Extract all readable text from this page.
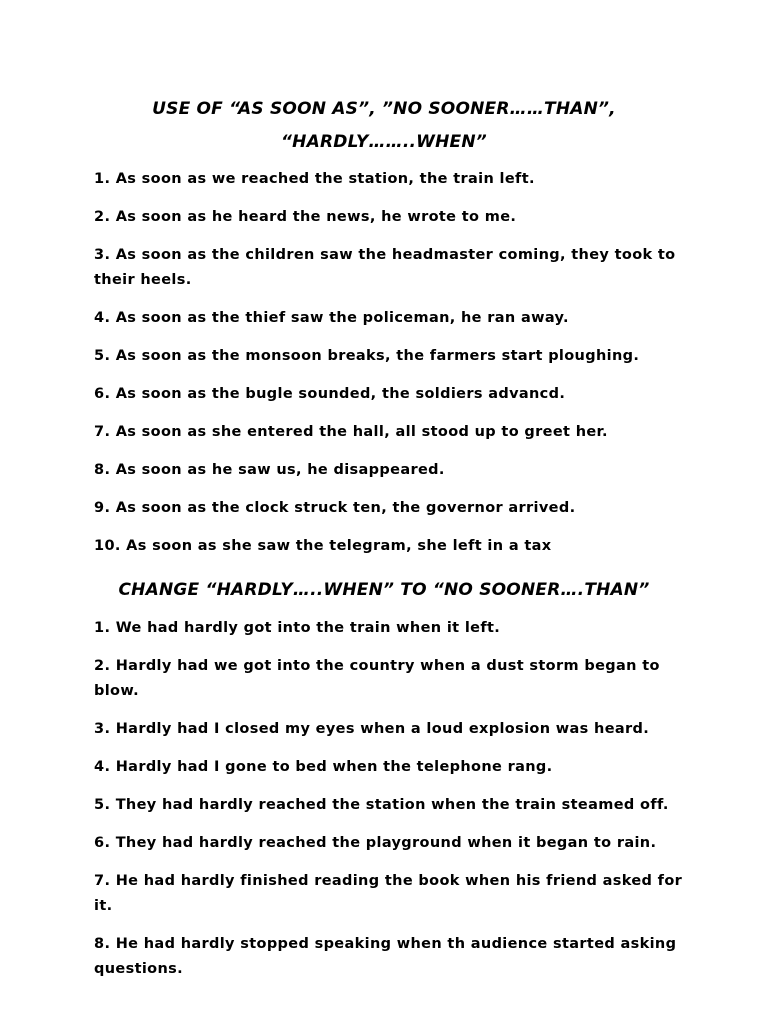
USE OF “AS SOON AS”, ”NO SOONER……THAN”,
“HARDLY……..WHEN”
1. As soon as we reached the station, the train left.
2. As soon as he heard the news, he wrote to me.
3. As soon as the children saw the headmaster coming, they took to
their heels.
4. As soon as the thief saw the policeman, he ran away.
5. As soon as the monsoon breaks, the farmers start ploughing.
6. As soon as the bugle sounded, the soldiers advancd.
7. As soon as she entered the hall, all stood up to greet her.
8. As soon as he saw us, he disappeared.
9. As soon as the clock struck ten, the governor arrived.
10. As soon as she saw the telegram, she left in a tax
CHANGE “HARDLY…..WHEN” TO “NO SOONER….THAN”
1. We had hardly got into the train when it left.
2. Hardly had we got into the country when a dust storm began to
blow.
3. Hardly had I closed my eyes when a loud explosion was heard.
4. Hardly had I gone to bed when the telephone rang.
5. They had hardly reached the station when the train steamed off.
6. They had hardly reached the playground when it began to rain.
7. He had hardly finished reading the book when his friend asked for
it.
8. He had hardly stopped speaking when th audience started asking
questions.
